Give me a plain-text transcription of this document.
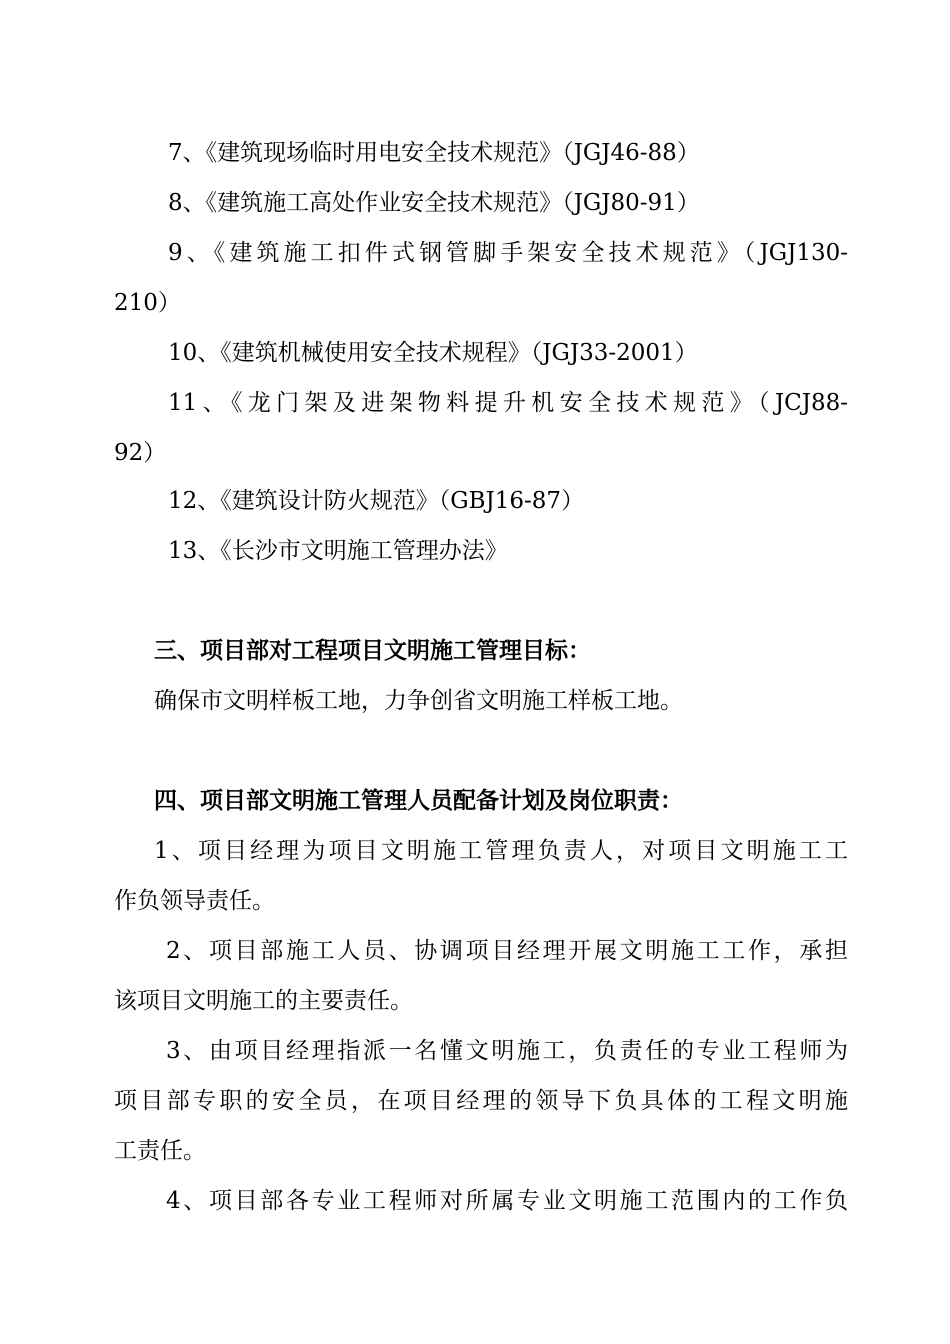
7、《建筑现场临时用电安全技术规范》（JGJ46-88）
8、《建筑施工高处作业安全技术规范》（JGJ80-91）
9、《建筑施工扣件式钢管脚手架安全技术规范》（JGJ130-
210）
10、《建筑机械使用安全技术规程》（JGJ33-2001）
11、《龙门架及进架物料提升机安全技术规范》（JCJ88-
92）
12、《建筑设计防火规范》（GBJ16-87）
13、《长沙市文明施工管理办法》
三、项目部对工程项目文明施工管理目标：
确保市文明样板工地，力争创省文明施工样板工地。
四、项目部文明施工管理人员配备计划及岗位职责：
1、项目经理为项目文明施工管理负责人，对项目文明施工工
作负领导责任。
2、项目部施工人员、协调项目经理开展文明施工工作，承担
该项目文明施工的主要责任。
3、由项目经理指派一名懂文明施工，负责任的专业工程师为
项目部专职的安全员，在项目经理的领导下负具体的工程文明施
工责任。
4、项目部各专业工程师对所属专业文明施工范围内的工作负
